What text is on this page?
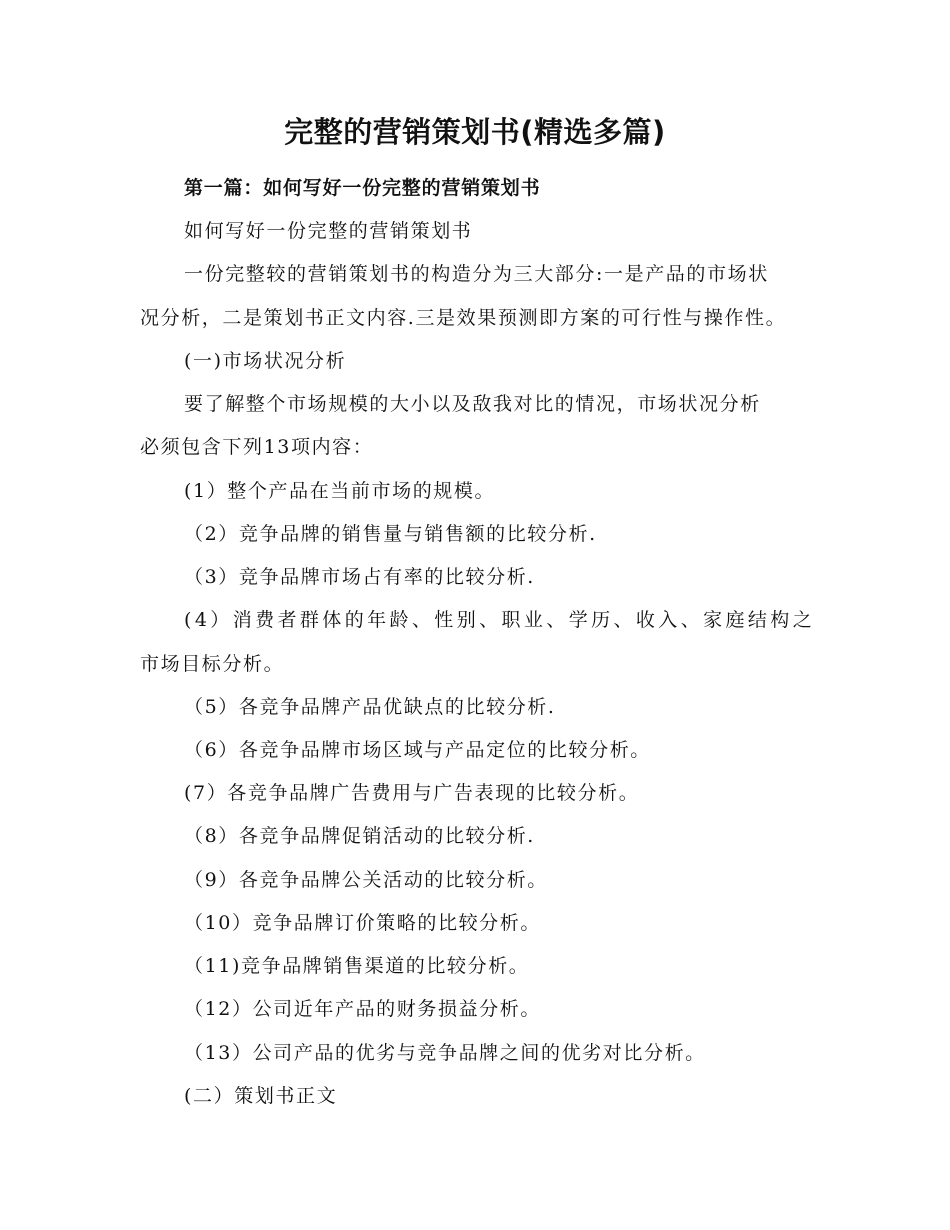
完整的营销策划书(精选多篇)
第一篇：如何写好一份完整的营销策划书
如何写好一份完整的营销策划书
一份完整较的营销策划书的构造分为三大部分:一是产品的市场状
况分析，二是策划书正文内容.三是效果预测即方案的可行性与操作性。
(一)市场状况分析
要了解整个市场规模的大小以及敌我对比的情况，市场状况分析
必须包含下列13项内容：
(1）整个产品在当前市场的规模。
（2）竞争品牌的销售量与销售额的比较分析.
（3）竞争品牌市场占有率的比较分析.
(4）消费者群体的年龄、性别、职业、学历、收入、家庭结构之
市场目标分析。
（5）各竞争品牌产品优缺点的比较分析.
（6）各竞争品牌市场区域与产品定位的比较分析。
(7）各竞争品牌广告费用与广告表现的比较分析。
（8）各竞争品牌促销活动的比较分析.
（9）各竞争品牌公关活动的比较分析。
（10）竞争品牌订价策略的比较分析。
（11)竞争品牌销售渠道的比较分析。
（12）公司近年产品的财务损益分析。
（13）公司产品的优劣与竞争品牌之间的优劣对比分析。
(二）策划书正文
